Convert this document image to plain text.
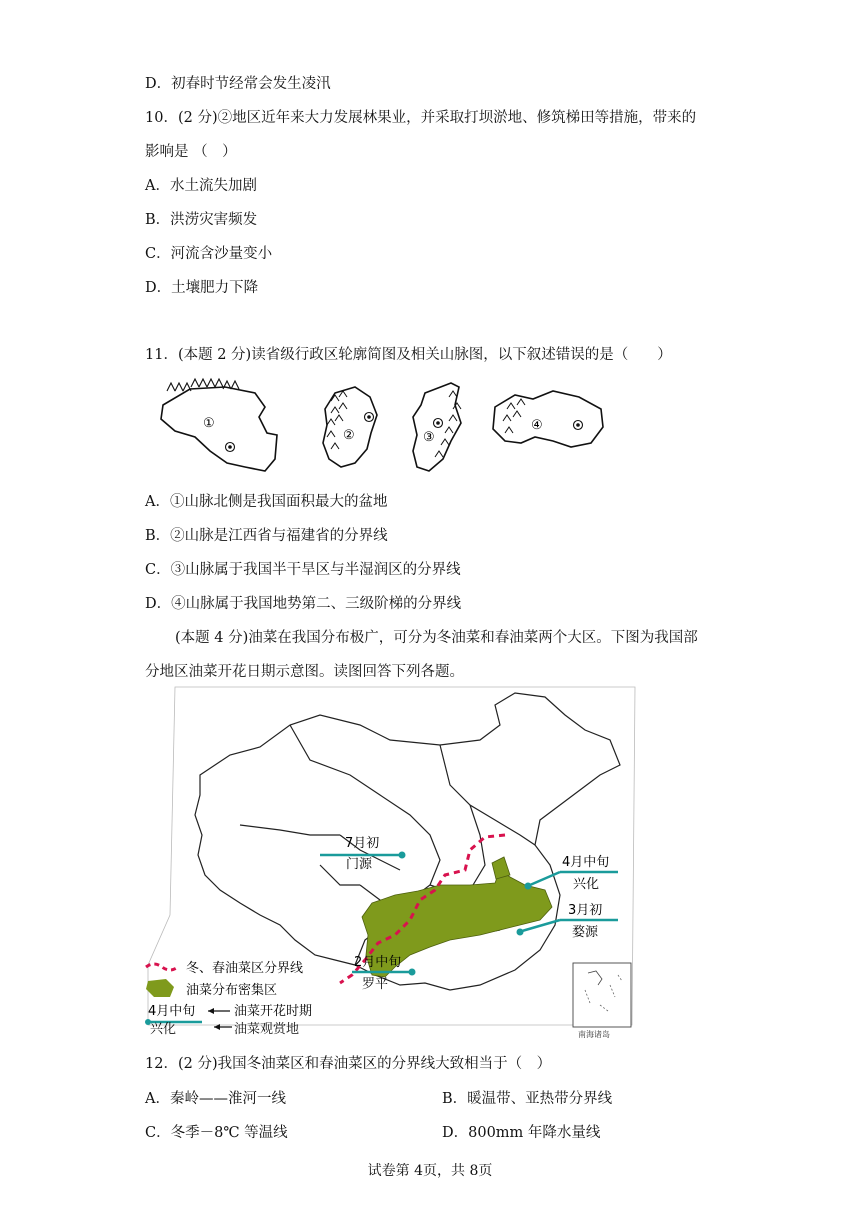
D．初春时节经常会发生凌汛
10．(2 分)②地区近年来大力发展林果业，并采取打坝淤地、修筑梯田等措施，带来的
影响是 （　）
A．水土流失加剧
B．洪涝灾害频发
C．河流含沙量变小
D．土壤肥力下降
11．(本题 2 分)读省级行政区轮廓简图及相关山脉图，以下叙述错误的是（　　）
①
②	③
④
A．①山脉北侧是我国面积最大的盆地
B．②山脉是江西省与福建省的分界线
C．③山脉属于我国半干旱区与半湿润区的分界线
D．④山脉属于我国地势第二、三级阶梯的分界线
(本题 4 分)油菜在我国分布极广，可分为冬油菜和春油菜两个大区。下图为我国部
分地区油菜开花日期示意图。读图回答下列各题。
7月初
门源	4月中旬
兴化
3月初
婺源
2月中旬
罗平
冬、春油菜区分界线
油菜分布密集区
4月中旬	油菜开花时期
南海诸岛
兴化	油菜观赏地
12．(2 分)我国冬油菜区和春油菜区的分界线大致相当于（　）
A．秦岭——淮河一线	B．暖温带、亚热带分界线
C．冬季－8℃ 等温线	D．800mm 年降水量线
试卷第 4页，共 8页
